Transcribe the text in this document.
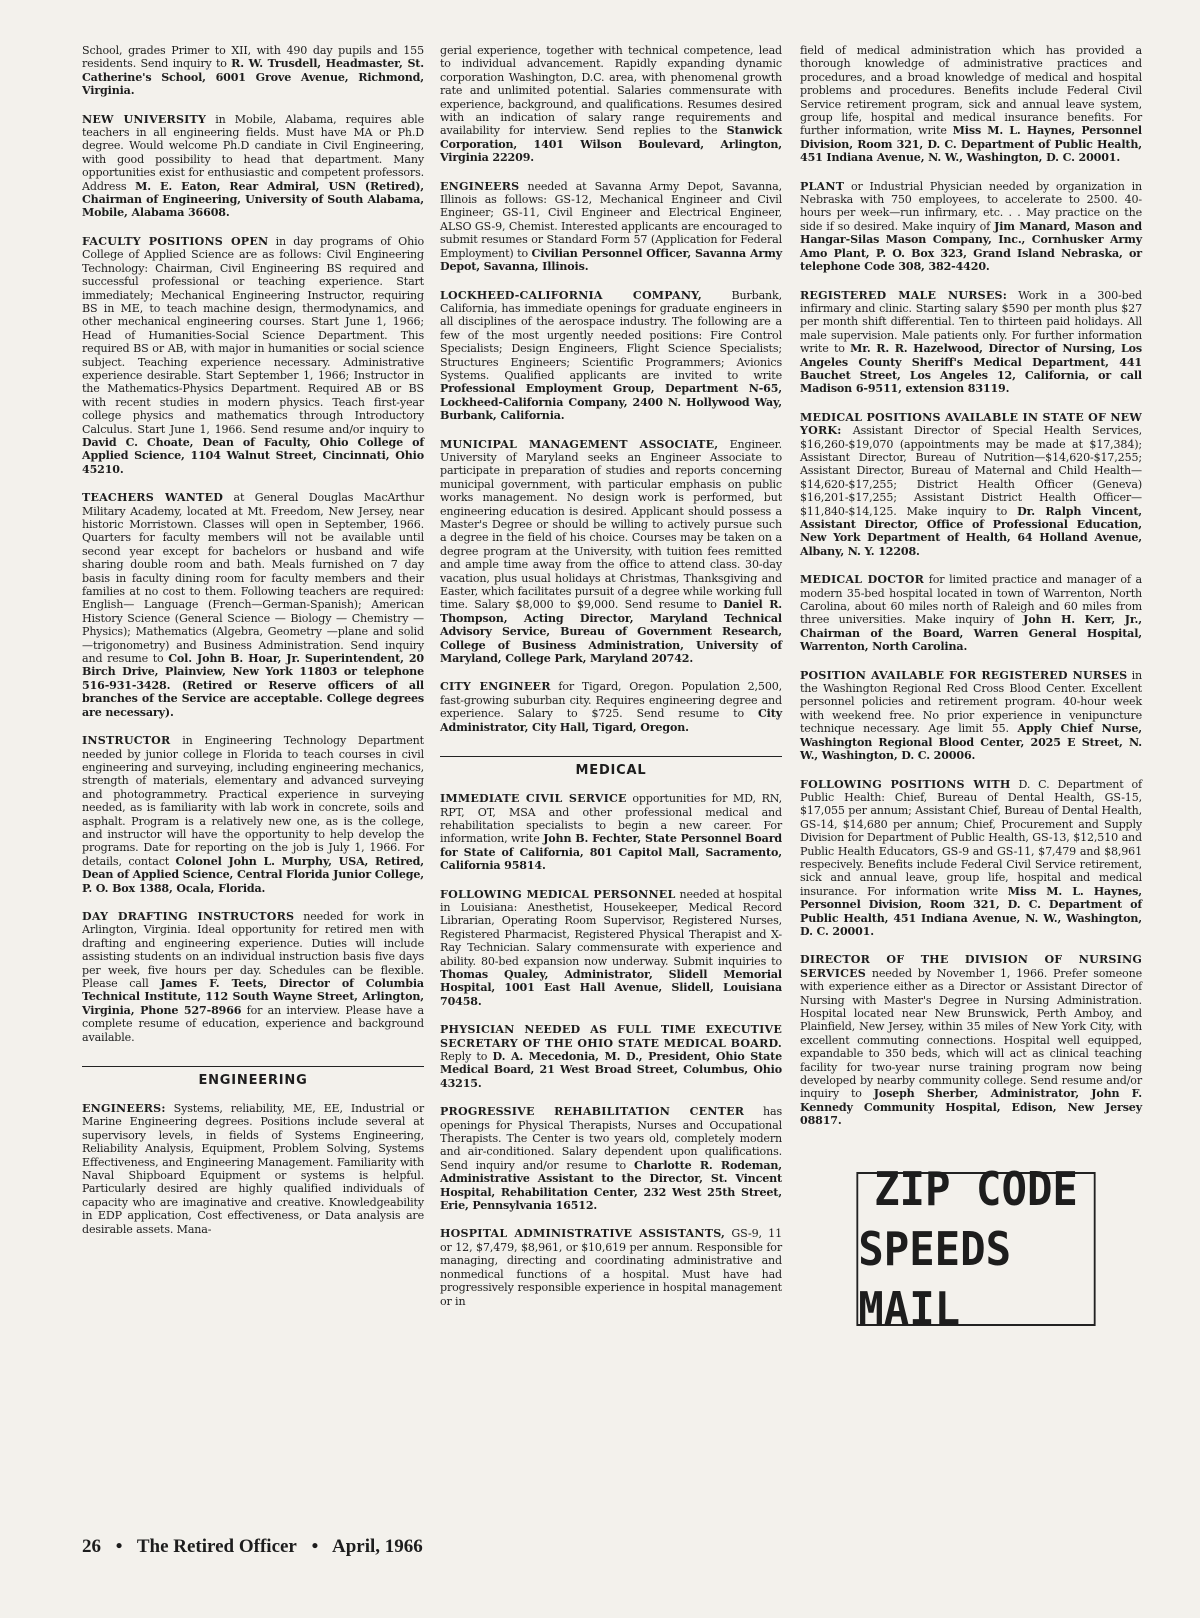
School, grades Primer to XII, with 490 day pupils and 155 residents. Send inquiry to R. W. Trusdell, Headmaster, St. Catherine's School, 6001 Grove Avenue, Richmond, Virginia.

NEW UNIVERSITY in Mobile, Alabama, requires able teachers in all engineering fields. Must have MA or Ph.D degree. Would welcome Ph.D candiate in Civil Engineering, with good possibility to head that department. Many opportunities exist for enthusiastic and competent professors. Address M. E. Eaton, Rear Admiral, USN (Retired), Chairman of Engineering, University of South Alabama, Mobile, Alabama 36608.

FACULTY POSITIONS OPEN in day programs of Ohio College of Applied Science are as follows: Civil Engineering Technology: Chairman, Civil Engineering BS required and successful professional or teaching experience. Start immediately; Mechanical Engineering Instructor, requiring BS in ME, to teach machine design, thermodynamics, and other mechanical engineering courses. Start June 1, 1966; Head of Humanities-Social Science Department. This required BS or AB, with major in humanities or social science subject. Teaching experience necessary. Administrative experience desirable. Start September 1, 1966; Instructor in the Mathematics-Physics Department. Required AB or BS with recent studies in modern physics. Teach first-year college physics and mathematics through Introductory Calculus. Start June 1, 1966. Send resume and/or inquiry to David C. Choate, Dean of Faculty, Ohio College of Applied Science, 1104 Walnut Street, Cincinnati, Ohio 45210.

TEACHERS WANTED at General Douglas MacArthur Military Academy, located at Mt. Freedom, New Jersey, near historic Morristown. Classes will open in September, 1966. Quarters for faculty members will not be available until second year except for bachelors or husband and wife sharing double room and bath. Meals furnished on 7 day basis in faculty dining room for faculty members and their families at no cost to them. Following teachers are required: English— Language (French—German-Spanish); American History Science (General Science — Biology — Chemistry — Physics); Mathematics (Algebra, Geometry —plane and solid—trigonometry) and Business Administration. Send inquiry and resume to Col. John B. Hoar, Jr. Superintendent, 20 Birch Drive, Plainview, New York 11803 or telephone 516-931-3428. (Retired or Reserve officers of all branches of the Service are acceptable. College degrees are necessary).

INSTRUCTOR in Engineering Technology Department needed by junior college in Florida to teach courses in civil engineering and surveying, including engineering mechanics, strength of materials, elementary and advanced surveying and photogrammetry. Practical experience in surveying needed, as is familiarity with lab work in concrete, soils and asphalt. Program is a relatively new one, as is the college, and instructor will have the opportunity to help develop the programs. Date for reporting on the job is July 1, 1966. For details, contact Colonel John L. Murphy, USA, Retired, Dean of Applied Science, Central Florida Junior College, P. O. Box 1388, Ocala, Florida.

DAY DRAFTING INSTRUCTORS needed for work in Arlington, Virginia. Ideal opportunity for retired men with drafting and engineering experience. Duties will include assisting students on an individual instruction basis five days per week, five hours per day. Schedules can be flexible. Please call James F. Teets, Director of Columbia Technical Institute, 112 South Wayne Street, Arlington, Virginia, Phone 527-8966 for an interview. Please have a complete resume of education, experience and background available.

ENGINEERING

ENGINEERS: Systems, reliability, ME, EE, Industrial or Marine Engineering degrees. Positions include several at supervisory levels, in fields of Systems Engineering, Reliability Analysis, Equipment, Problem Solving, Systems Effectiveness, and Engineering Management. Familiarity with Naval Shipboard Equipment or systems is helpful. Particularly desired are highly qualified individuals of capacity who are imaginative and creative. Knowledgeability in EDP application, Cost effectiveness, or Data analysis are desirable assets. Mana-

gerial experience, together with technical competence, lead to individual advancement. Rapidly expanding dynamic corporation Washington, D.C. area, with phenomenal growth rate and unlimited potential. Salaries commensurate with experience, background, and qualifications. Resumes desired with an indication of salary range requirements and availability for interview. Send replies to the Stanwick Corporation, 1401 Wilson Boulevard, Arlington, Virginia 22209.

ENGINEERS needed at Savanna Army Depot, Savanna, Illinois as follows: GS-12, Mechanical Engineer and Civil Engineer; GS-11, Civil Engineer and Electrical Engineer, ALSO GS-9, Chemist. Interested applicants are encouraged to submit resumes or Standard Form 57 (Application for Federal Employment) to Civilian Personnel Officer, Savanna Army Depot, Savanna, Illinois.

LOCKHEED-CALIFORNIA COMPANY, Burbank, California, has immediate openings for graduate engineers in all disciplines of the aerospace industry. The following are a few of the most urgently needed positions: Fire Control Specialists; Design Engineers, Flight Science Specialists; Structures Engineers; Scientific Programmers; Avionics Systems. Qualified applicants are invited to write Professional Employment Group, Department N-65, Lockheed-California Company, 2400 N. Hollywood Way, Burbank, California.

MUNICIPAL MANAGEMENT ASSOCIATE, Engineer. University of Maryland seeks an Engineer Associate to participate in preparation of studies and reports concerning municipal government, with particular emphasis on public works management. No design work is performed, but engineering education is desired. Applicant should possess a Master's Degree or should be willing to actively pursue such a degree in the field of his choice. Courses may be taken on a degree program at the University, with tuition fees remitted and ample time away from the office to attend class. 30-day vacation, plus usual holidays at Christmas, Thanksgiving and Easter, which facilitates pursuit of a degree while working full time. Salary $8,000 to $9,000. Send resume to Daniel R. Thompson, Acting Director, Maryland Technical Advisory Service, Bureau of Government Research, College of Business Administration, University of Maryland, College Park, Maryland 20742.

CITY ENGINEER for Tigard, Oregon. Population 2,500, fast-growing suburban city. Requires engineering degree and experience. Salary to $725. Send resume to City Administrator, City Hall, Tigard, Oregon.

MEDICAL

IMMEDIATE CIVIL SERVICE opportunities for MD, RN, RPT, OT, MSA and other professional medical and rehabilitation specialists to begin a new career. For information, write John B. Fechter, State Personnel Board for State of California, 801 Capitol Mall, Sacramento, California 95814.

FOLLOWING MEDICAL PERSONNEL needed at hospital in Louisiana: Anesthetist, Housekeeper, Medical Record Librarian, Operating Room Supervisor, Registered Nurses, Registered Pharmacist, Registered Physical Therapist and X-Ray Technician. Salary commensurate with experience and ability. 80-bed expansion now underway. Submit inquiries to Thomas Qualey, Administrator, Slidell Memorial Hospital, 1001 East Hall Avenue, Slidell, Louisiana 70458.

PHYSICIAN NEEDED AS FULL TIME EXECUTIVE SECRETARY OF THE OHIO STATE MEDICAL BOARD. Reply to D. A. Mecedonia, M. D., President, Ohio State Medical Board, 21 West Broad Street, Columbus, Ohio 43215.

PROGRESSIVE REHABILITATION CENTER has openings for Physical Therapists, Nurses and Occupational Therapists. The Center is two years old, completely modern and air-conditioned. Salary dependent upon qualifications. Send inquiry and/or resume to Charlotte R. Rodeman, Administrative Assistant to the Director, St. Vincent Hospital, Rehabilitation Center, 232 West 25th Street, Erie, Pennsylvania 16512.

HOSPITAL ADMINISTRATIVE ASSISTANTS, GS-9, 11 or 12, $7,479, $8,961, or $10,619 per annum. Responsible for managing, directing and coordinating administrative and nonmedical functions of a hospital. Must have had progressively responsible experience in hospital management or in

field of medical administration which has provided a thorough knowledge of administrative practices and procedures, and a broad knowledge of medical and hospital problems and procedures. Benefits include Federal Civil Service retirement program, sick and annual leave system, group life, hospital and medical insurance benefits. For further information, write Miss M. L. Haynes, Personnel Division, Room 321, D. C. Department of Public Health, 451 Indiana Avenue, N. W., Washington, D. C. 20001.

PLANT or Industrial Physician needed by organization in Nebraska with 750 employees, to accelerate to 2500. 40-hours per week—run infirmary, etc. . . May practice on the side if so desired. Make inquiry of Jim Manard, Mason and Hangar-Silas Mason Company, Inc., Cornhusker Army Amo Plant, P. O. Box 323, Grand Island Nebraska, or telephone Code 308, 382-4420.

REGISTERED MALE NURSES: Work in a 300-bed infirmary and clinic. Starting salary $590 per month plus $27 per month shift differential. Ten to thirteen paid holidays. All male supervision. Male patients only. For further information write to Mr. R. R. Hazelwood, Director of Nursing, Los Angeles County Sheriff's Medical Department, 441 Bauchet Street, Los Angeles 12, California, or call Madison 6-9511, extension 83119.

MEDICAL POSITIONS AVAILABLE IN STATE OF NEW YORK: Assistant Director of Special Health Services, $16,260-$19,070 (appointments may be made at $17,384); Assistant Director, Bureau of Nutrition—$14,620-$17,255; Assistant Director, Bureau of Maternal and Child Health—$14,620-$17,255; District Health Officer (Geneva) $16,201-$17,255; Assistant District Health Officer—$11,840-$14,125. Make inquiry to Dr. Ralph Vincent, Assistant Director, Office of Professional Education, New York Department of Health, 64 Holland Avenue, Albany, N. Y. 12208.

MEDICAL DOCTOR for limited practice and manager of a modern 35-bed hospital located in town of Warrenton, North Carolina, about 60 miles north of Raleigh and 60 miles from three universities. Make inquiry of John H. Kerr, Jr., Chairman of the Board, Warren General Hospital, Warrenton, North Carolina.

POSITION AVAILABLE FOR REGISTERED NURSES in the Washington Regional Red Cross Blood Center. Excellent personnel policies and retirement program. 40-hour week with weekend free. No prior experience in venipuncture technique necessary. Age limit 55. Apply Chief Nurse, Washington Regional Blood Center, 2025 E Street, N. W., Washington, D. C. 20006.

FOLLOWING POSITIONS WITH D. C. Department of Public Health: Chief, Bureau of Dental Health, GS-15, $17,055 per annum; Assistant Chief, Bureau of Dental Health, GS-14, $14,680 per annum; Chief, Procurement and Supply Division for Department of Public Health, GS-13, $12,510 and Public Health Educators, GS-9 and GS-11, $7,479 and $8,961 respecively. Benefits include Federal Civil Service retirement, sick and annual leave, group life, hospital and medical insurance. For information write Miss M. L. Haynes, Personnel Division, Room 321, D. C. Department of Public Health, 451 Indiana Avenue, N. W., Washington, D. C. 20001.

DIRECTOR OF THE DIVISION OF NURSING SERVICES needed by November 1, 1966. Prefer someone with experience either as a Director or Assistant Director of Nursing with Master's Degree in Nursing Administration. Hospital located near New Brunswick, Perth Amboy, and Plainfield, New Jersey, within 35 miles of New York City, with excellent commuting connections. Hospital well equipped, expandable to 350 beds, which will act as clinical teaching facility for two-year nurse training program now being developed by nearby community college. Send resume and/or inquiry to Joseph Sherber, Administrator, John F. Kennedy Community Hospital, Edison, New Jersey 08817.

ZIP CODE
SPEEDS MAIL
26 • The Retired Officer • April, 1966
